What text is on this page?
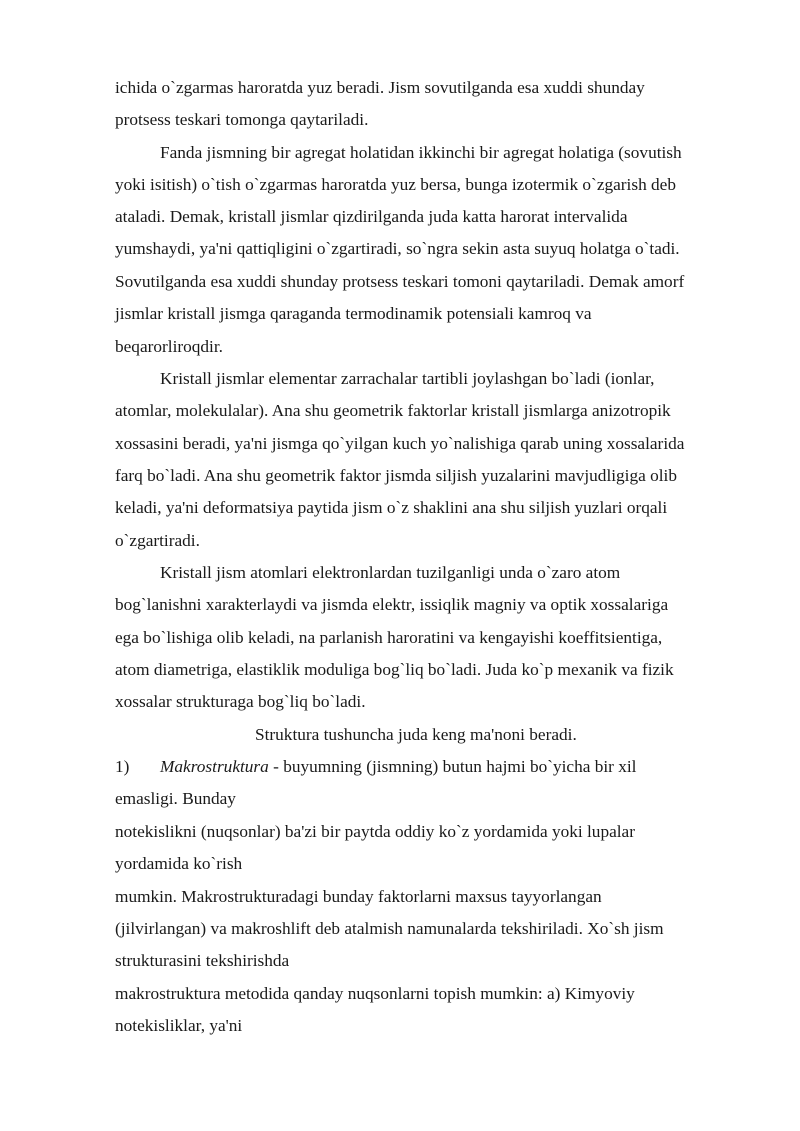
ichida o`zgarmas haroratda yuz beradi. Jism sovutilganda esa xuddi shunday
protsess teskari tomonga qaytariladi.
Fanda jismning bir agregat holatidan ikkinchi bir agregat holatiga (sovutish
yoki isitish) o`tish o`zgarmas haroratda yuz bersa, bunga izotermik o`zgarish deb
ataladi. Demak, kristall jismlar qizdirilganda juda katta harorat intervalida
yumshaydi, ya'ni qattiqligini o`zgartiradi, so`ngra sekin asta suyuq holatga o`tadi.
Sovutilganda esa xuddi shunday protsess teskari tomoni qaytariladi. Demak amorf
jismlar kristall jismga qaraganda termodinamik potensiali kamroq va
beqarorliroqdir.
Kristall jismlar elementar zarrachalar tartibli joylashgan bo`ladi (ionlar,
atomlar, molekulalar). Ana shu geometrik faktorlar kristall jismlarga anizotropik
xossasini beradi, ya'ni jismga qo`yilgan kuch yo`nalishiga qarab uning xossalarida
farq bo`ladi. Ana shu geometrik faktor jismda siljish yuzalarini mavjudligiga olib
keladi, ya'ni deformatsiya paytida jism o`z shaklini ana shu siljish yuzlari orqali
o`zgartiradi.
Kristall jism atomlari elektronlardan tuzilganligi unda o`zaro atom
bog`lanishni xarakterlaydi va jismda elektr, issiqlik magniy va optik xossalariga
ega bo`lishiga olib keladi, na parlanish haroratini va kengayishi koeffitsientiga,
atom diametriga, elastiklik moduliga bog`liq bo`ladi. Juda ko`p mexanik va fizik
xossalar strukturaga bog`liq bo`ladi.
Struktura tushuncha juda keng ma'noni beradi.
1) Makrostruktura - buyumning (jismning) butun hajmi bo`yicha bir xil
emasligi. Bunday
notekislikni (nuqsonlar) ba'zi bir paytda oddiy ko`z yordamida yoki lupalar
yordamida ko`rish
mumkin. Makrostrukturadagi bunday faktorlarni maxsus tayyorlangan
(jilvirlangan) va makroshlift deb atalmish namunalarda tekshiriladi. Xo`sh jism
strukturasini tekshirishda
makrostruktura metodida qanday nuqsonlarni topish mumkin: a) Kimyoviy
notekisliklar, ya'ni
